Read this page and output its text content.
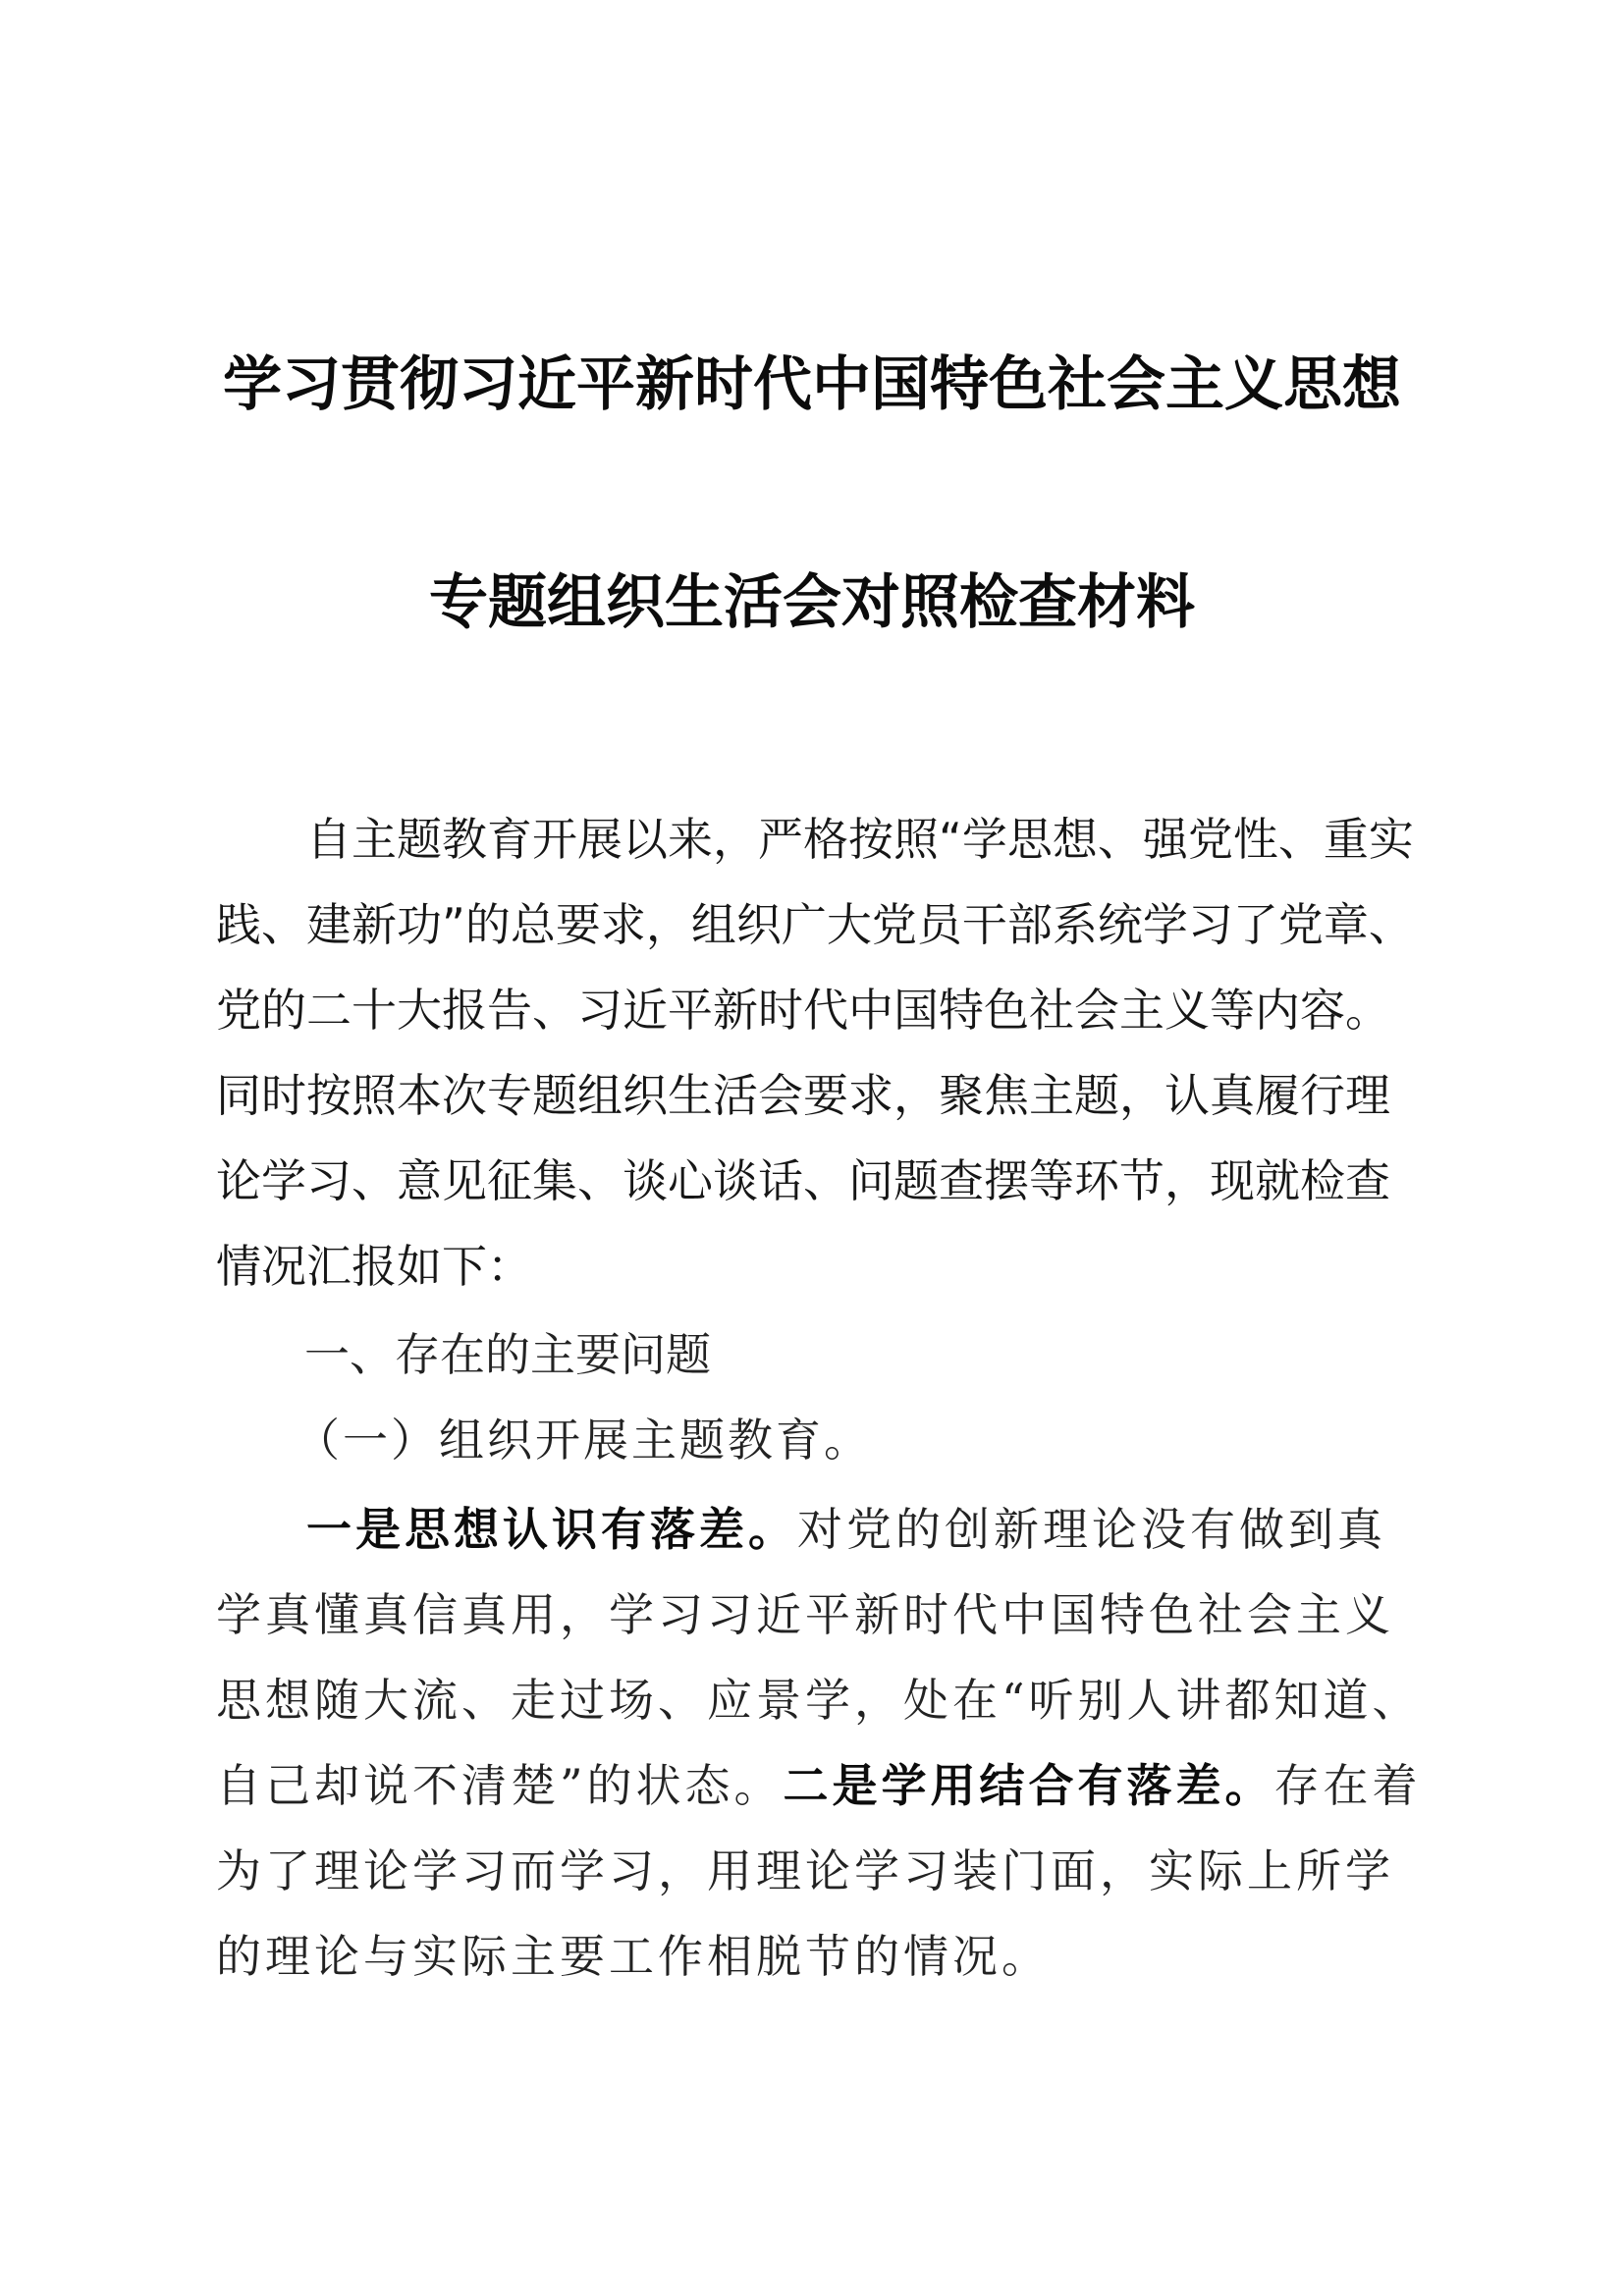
学习贯彻习近平新时代中国特色社会主义思想
专题组织生活会对照检查材料

自主题教育开展以来，严格按照“学思想、强党性、重实践、建新功”的总要求，组织广大党员干部系统学习了党章、党的二十大报告、习近平新时代中国特色社会主义等内容。同时按照本次专题组织生活会要求，聚焦主题，认真履行理论学习、意见征集、谈心谈话、问题查摆等环节，现就检查情况汇报如下：

一、存在的主要问题
（一）组织开展主题教育。

一是思想认识有落差。对党的创新理论没有做到真学真懂真信真用，学习习近平新时代中国特色社会主义思想随大流、走过场、应景学，处在“听别人讲都知道、自己却说不清楚”的状态。二是学用结合有落差。存在着为了理论学习而学习，用理论学习装门面，实际上所学的理论与实际主要工作相脱节的情况。
